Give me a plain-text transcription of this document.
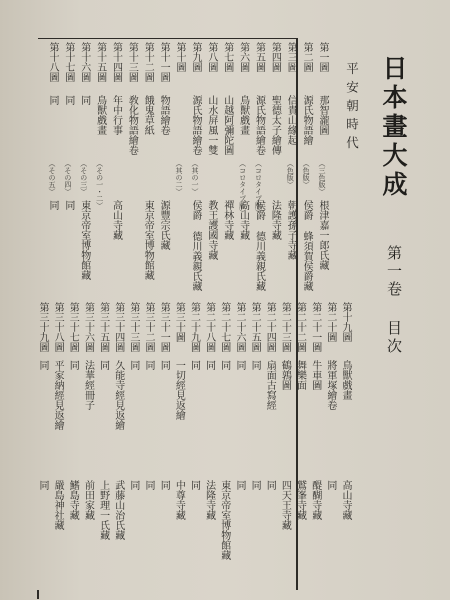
日本畫大成
第一卷
目次
平安朝時代
第一圖
那智瀧圖
（三色版）
根津嘉一郎氏藏
第二圖
源氏物語繪
（色版）
侯爵 蜂須賀侯爵藏
第三圖
信貴山緣起
（色版）
朝護孫子寺藏
第四圖
聖德太子繪傳
法隆寺藏
第五圖
源氏物語繪卷
（コロタイプ版）
侯爵 德川義親氏藏
第六圖
鳥獸戲畫
（コロタイプ版）
高山寺藏
第七圖
山越阿彌陀圖
禪林寺藏
第八圖
山水屏風一雙
教王護國寺藏
第九圖
源氏物語繪卷
（其の一）
侯爵 德川義親氏藏
第十圖
（其の二）
第十一圖
物語繪卷
源豐宗氏藏
第十二圖
餓鬼草紙
東京帝室博物館藏
第十三圖
敎化物語繪卷
第十四圖
年中行事
高山寺藏
第十五圖
鳥獸戲畫
（その一・二）
第十六圖
同
（その三）
東京帝室博物館藏
第十七圖
同
（その四）
同
第十八圖
同
（その五）
同
第十九圖
鳥獸戲畫
高山寺藏
第二十圖
將軍塚繪卷
同
第二十一圖
牛車圖
醍醐寺藏
第二十二圖
舞樂面
鷲峯寺藏
第二十三圖
鶴鶉圖
四天王寺藏
第二十四圖
扇面古寫經
同
第二十五圖
同
同
第二十六圖
同
同
第二十七圖
同
東京帝室博物館藏
第二十八圖
同
法隆寺藏
第二十九圖
同
同
第三十圖
一切經見返繪
中尊寺藏
第三十一圖
同
同
第三十二圖
同
同
第三十三圖
同
同
第三十四圖
久能寺經見返繪
武藤山治氏藏
第三十五圖
同
上野理一氏藏
第三十六圖
法華經冊子
前田家藏
第三十七圖
同
鰭島寺藏
第三十八圖
平家納經見返繪
嚴島神社藏
第三十九圖
同
同
